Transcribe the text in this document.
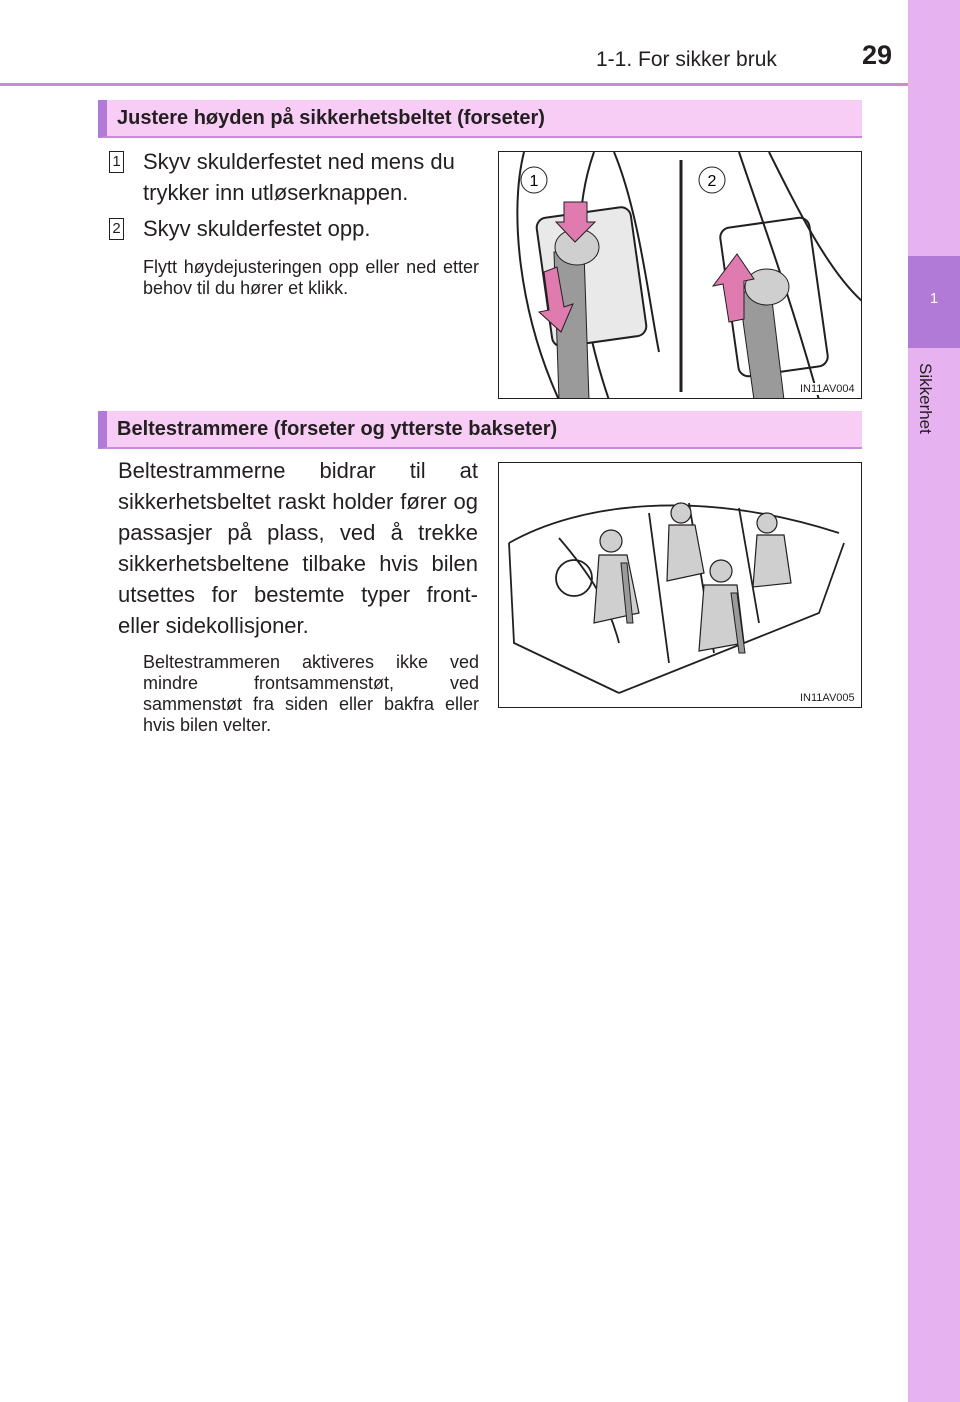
1-1. For sikker bruk	29
1
Sikkerhet
Justere høyden på sikkerhetsbeltet (forseter)
1 Skyv skulderfestet ned mens du
trykker inn utløserknappen.
2 Skyv skulderfestet opp.
Flytt høydejusteringen opp eller ned etter behov til du hører et klikk.
1	2
IN11AV004
Beltestrammere (forseter og ytterste bakseter)
Beltestrammerne bidrar til at sikkerhetsbeltet raskt holder fører og passasjer på plass, ved å trekke sikkerhetsbeltene tilbake hvis bilen utsettes for bestemte typer front- eller sidekollisjoner.
Beltestrammeren aktiveres ikke ved mindre frontsammenstøt, ved sammenstøt fra siden eller bakfra eller hvis bilen velter.
IN11AV005
